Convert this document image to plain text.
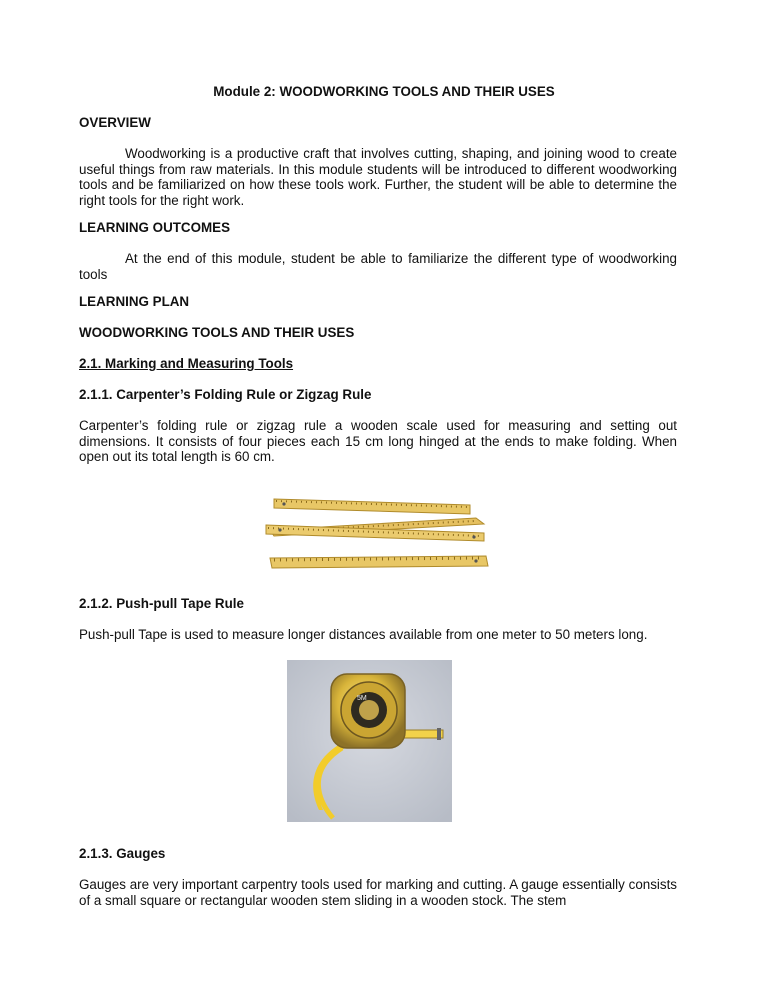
Module 2: WOODWORKING TOOLS AND THEIR USES
OVERVIEW
Woodworking is a productive craft that involves cutting, shaping, and joining wood to create useful things from raw materials. In this module students will be introduced to different woodworking tools and be familiarized on how these tools work. Further, the student will be able to determine the right tools for the right work.
LEARNING OUTCOMES
At the end of this module, student be able to familiarize the different type of woodworking tools
LEARNING PLAN
WOODWORKING TOOLS AND THEIR USES
2.1. Marking and Measuring Tools
2.1.1. Carpenter’s Folding Rule or Zigzag Rule
Carpenter’s folding rule or zigzag rule a wooden scale used for measuring and setting out dimensions. It consists of four pieces each 15 cm long hinged at the ends to make folding. When open out its total length is 60 cm.
2.1.2. Push-pull Tape Rule
Push-pull Tape is used to measure longer distances available from one meter to 50 meters long.
5M
2.1.3. Gauges
Gauges are very important carpentry tools used for marking and cutting. A gauge essentially consists of a small square or rectangular wooden stem sliding in a wooden stock. The stem
